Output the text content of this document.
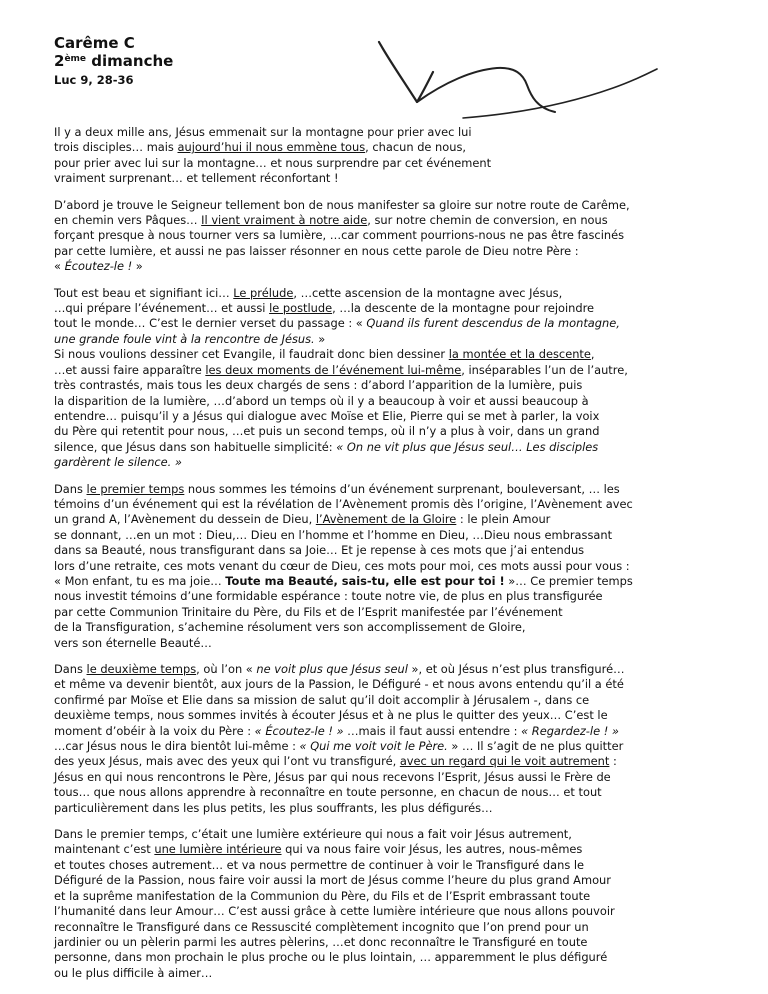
Carême C
2ème dimanche
Luc 9, 28-36

Il y a deux mille ans, Jésus emmenait sur la montagne pour prier avec lui
trois disciples… mais aujourd’hui il nous emmène tous, chacun de nous,
pour prier avec lui sur la montagne… et nous surprendre par cet événement
vraiment surprenant… et tellement réconfortant !

D’abord je trouve le Seigneur tellement bon de nous manifester sa gloire sur notre route de Carême,
en chemin vers Pâques… Il vient vraiment à notre aide, sur notre chemin de conversion, en nous
forçant presque à nous tourner vers sa lumière, …car comment pourrions-nous ne pas être fascinés
par cette lumière, et aussi ne pas laisser résonner en nous cette parole de Dieu notre Père :
« Écoutez-le ! »

Tout est beau et signifiant ici… Le prélude, …cette ascension de la montagne avec Jésus,
…qui prépare l’événement… et aussi le postlude, …la descente de la montagne pour rejoindre
tout le monde… C’est le dernier verset du passage : « Quand ils furent descendus de la montagne,
une grande foule vint à la rencontre de Jésus. »
Si nous voulions dessiner cet Evangile, il faudrait donc bien dessiner la montée et la descente,
…et aussi faire apparaître les deux moments de l’événement lui-même, inséparables l’un de l’autre,
très contrastés, mais tous les deux chargés de sens : d’abord l’apparition de la lumière, puis
la disparition de la lumière, …d’abord un temps où il y a beaucoup à voir et aussi beaucoup à
entendre… puisqu’il y a Jésus qui dialogue avec Moïse et Elie, Pierre qui se met à parler, la voix
du Père qui retentit pour nous, …et puis un second temps, où il n’y a plus à voir, dans un grand
silence, que Jésus dans son habituelle simplicité: « On ne vit plus que Jésus seul… Les disciples
gardèrent le silence. »

Dans le premier temps nous sommes les témoins d’un événement surprenant, bouleversant, … les
témoins d’un événement qui est la révélation de l’Avènement promis dès l’origine, l’Avènement avec
un grand A, l’Avènement du dessein de Dieu, l’Avènement de la Gloire : le plein Amour
se donnant, …en un mot : Dieu,… Dieu en l’homme et l’homme en Dieu, …Dieu nous embrassant
dans sa Beauté, nous transfigurant dans sa Joie… Et je repense à ces mots que j’ai entendus
lors d’une retraite, ces mots venant du cœur de Dieu, ces mots pour moi, ces mots aussi pour vous :
« Mon enfant, tu es ma joie… Toute ma Beauté, sais-tu, elle est pour toi ! »… Ce premier temps
nous investit témoins d’une formidable espérance : toute notre vie, de plus en plus transfigurée
par cette Communion Trinitaire du Père, du Fils et de l’Esprit manifestée par l’événement
de la Transfiguration, s’achemine résolument vers son accomplissement de Gloire,
vers son éternelle Beauté…

Dans le deuxième temps, où l’on « ne voit plus que Jésus seul », et où Jésus n’est plus transfiguré…
et même va devenir bientôt, aux jours de la Passion, le Défiguré - et nous avons entendu qu’il a été
confirmé par Moïse et Elie dans sa mission de salut qu’il doit accomplir à Jérusalem -, dans ce
deuxième temps, nous sommes invités à écouter Jésus et à ne plus le quitter des yeux… C’est le
moment d’obéir à la voix du Père : « Écoutez-le ! » …mais il faut aussi entendre : « Regardez-le ! »
…car Jésus nous le dira bientôt lui-même : « Qui me voit voit le Père. » … Il s’agit de ne plus quitter
des yeux Jésus, mais avec des yeux qui l’ont vu transfiguré, avec un regard qui le voit autrement :
Jésus en qui nous rencontrons le Père, Jésus par qui nous recevons l’Esprit, Jésus aussi le Frère de
tous… que nous allons apprendre à reconnaître en toute personne, en chacun de nous… et tout
particulièrement dans les plus petits, les plus souffrants, les plus défigurés…

Dans le premier temps, c’était une lumière extérieure qui nous a fait voir Jésus autrement,
maintenant c’est une lumière intérieure qui va nous faire voir Jésus, les autres, nous-mêmes
et toutes choses autrement… et va nous permettre de continuer à voir le Transfiguré dans le
Défiguré de la Passion, nous faire voir aussi la mort de Jésus comme l’heure du plus grand Amour
et la suprême manifestation de la Communion du Père, du Fils et de l’Esprit embrassant toute
l’humanité dans leur Amour… C’est aussi grâce à cette lumière intérieure que nous allons pouvoir
reconnaître le Transfiguré dans ce Ressuscité complètement incognito que l’on prend pour un
jardinier ou un pèlerin parmi les autres pèlerins, …et donc reconnaître le Transfiguré en toute
personne, dans mon prochain le plus proche ou le plus lointain, … apparemment le plus défiguré
ou le plus difficile à aimer…
